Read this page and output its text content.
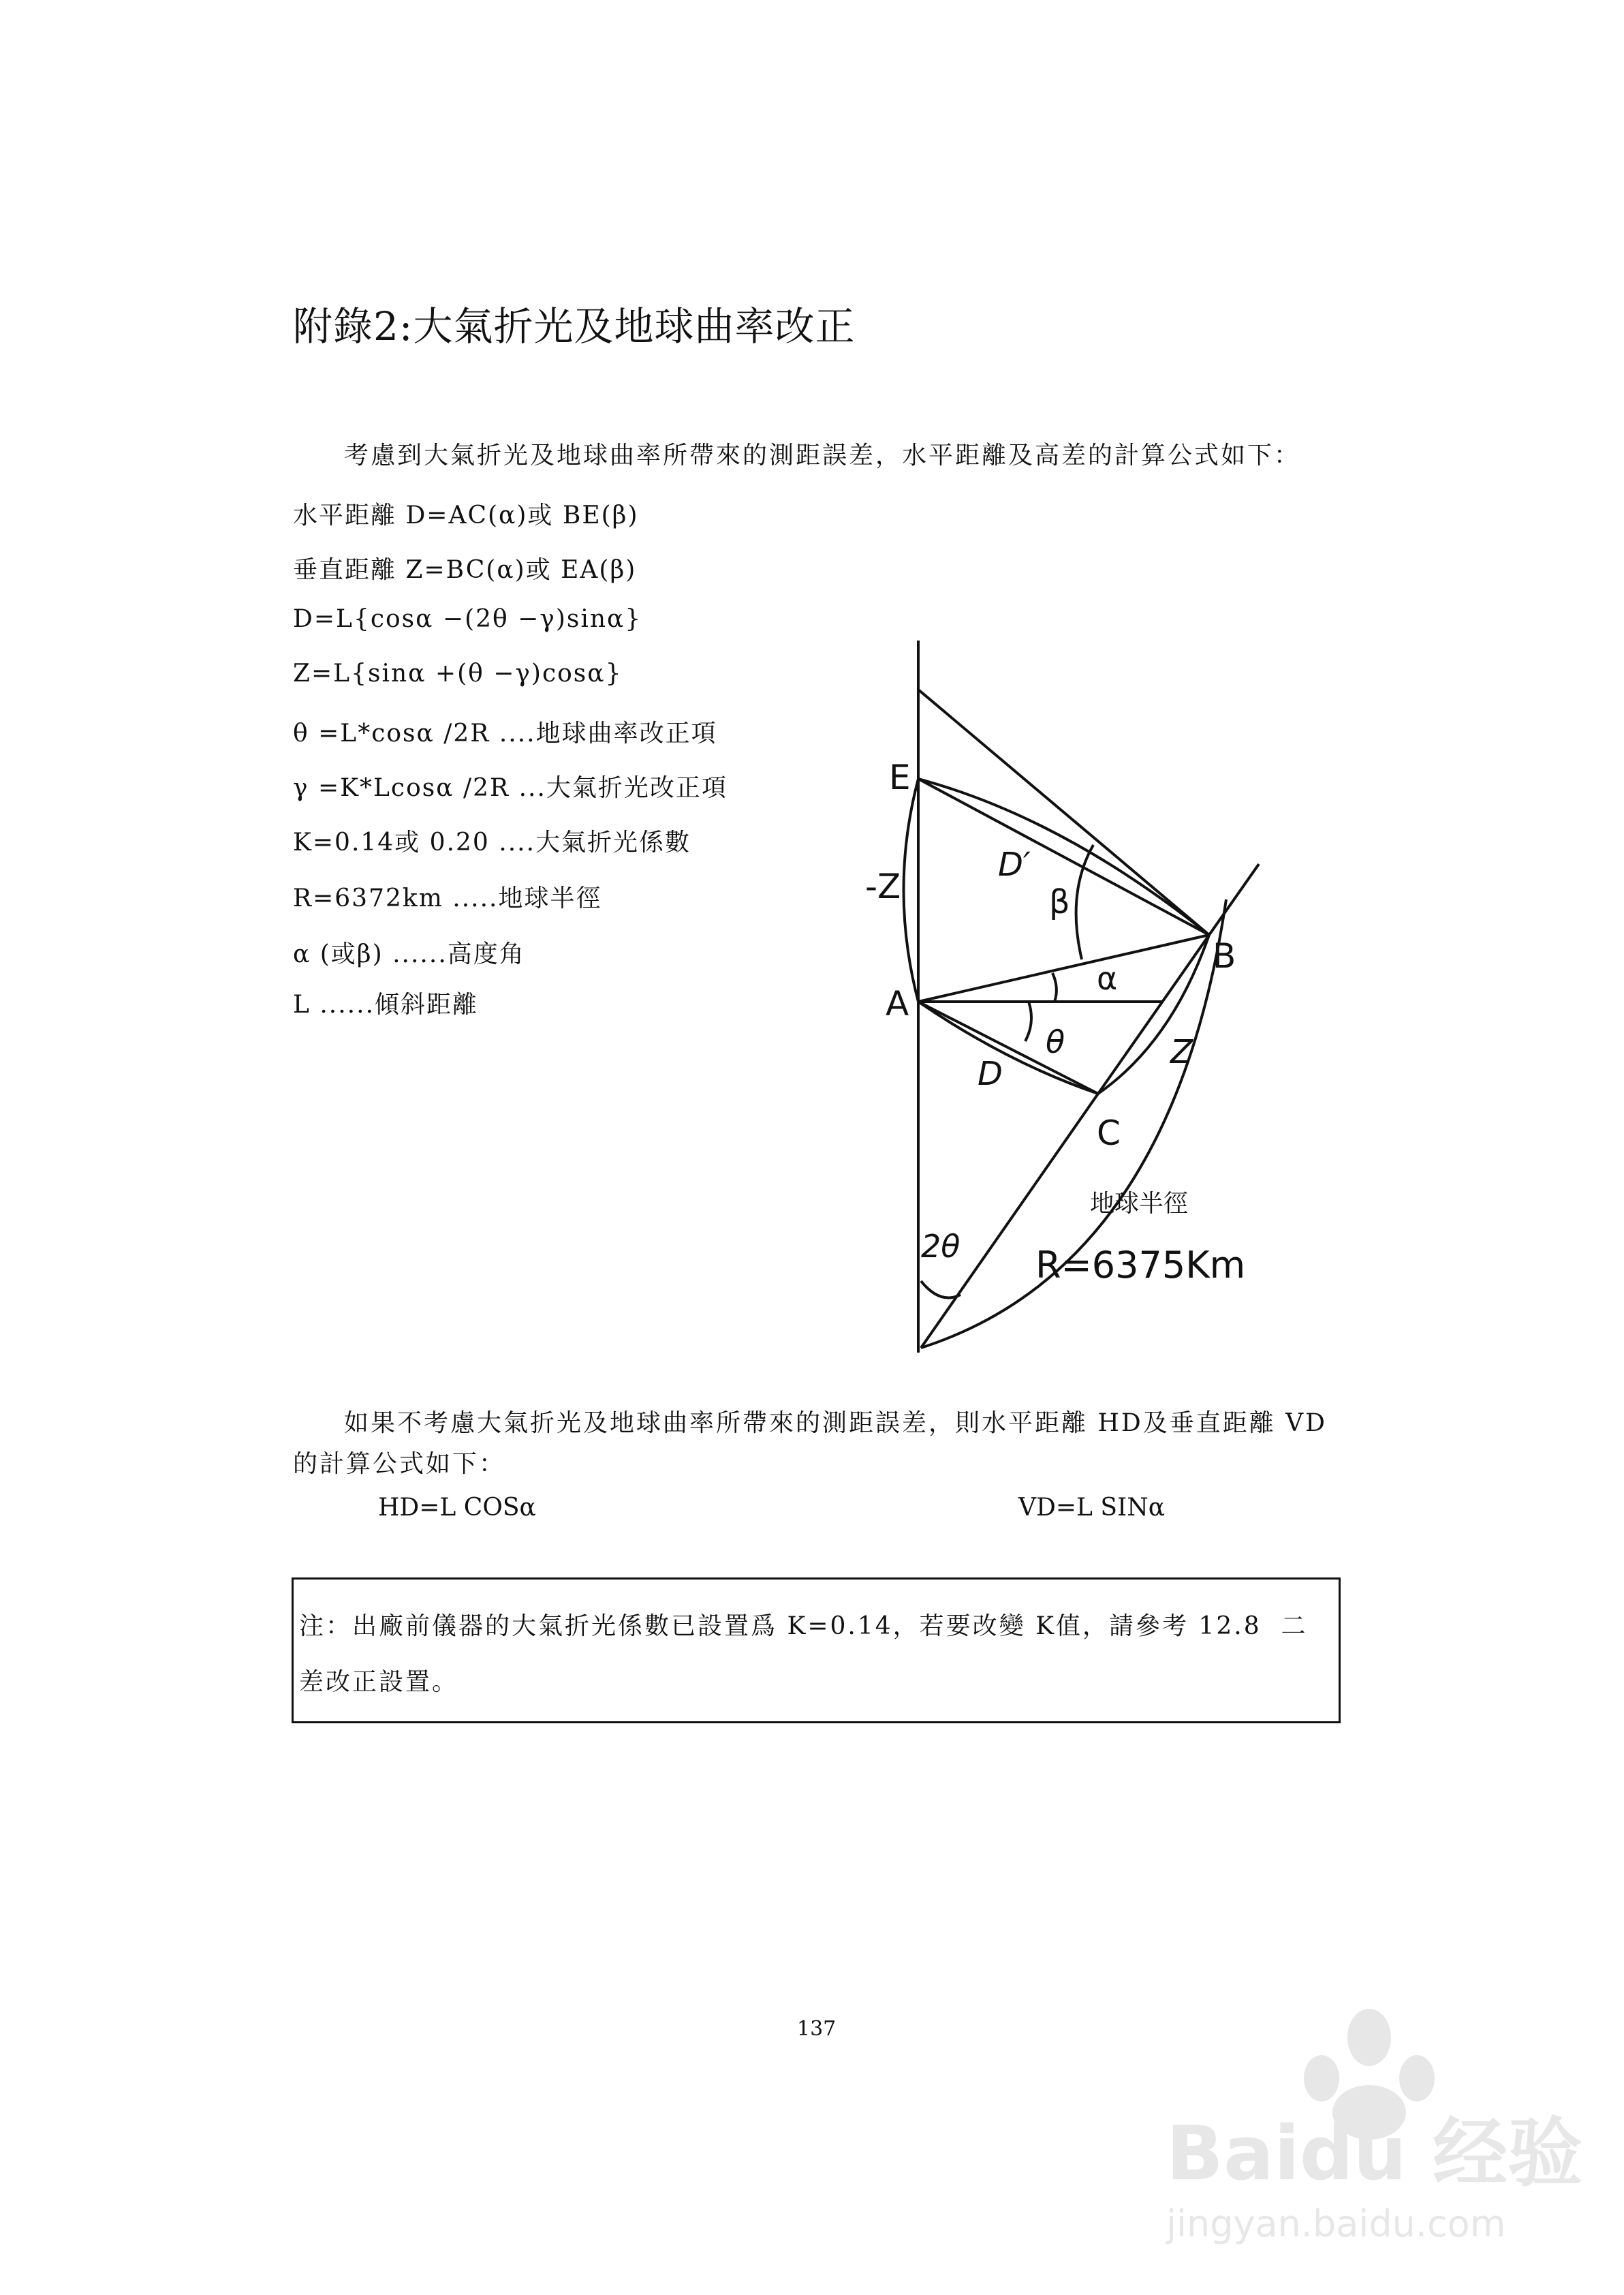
附錄2:大氣折光及地球曲率改正
考慮到大氣折光及地球曲率所帶來的測距誤差，水平距離及高差的計算公式如下：
水平距離 D=AC(α)或 BE(β)
垂直距離 Z=BC(α)或 EA(β)
D=L{cosα −(2θ −γ)sinα}
Z=L{sinα +(θ −γ)cosα}
θ =L*cosα /2R ....地球曲率改正項
γ =K*Lcosα /2R ...大氣折光改正項
K=0.14或 0.20 ....大氣折光係數
R=6372km .....地球半徑
α (或β) ......高度角
L ......傾斜距離
E
A
B
C
-Z
D′
β
α
θ
D
Z
2θ
地球半徑
R=6375Km
Baidu 经验
jingyan.baidu.com
如果不考慮大氣折光及地球曲率所帶來的測距誤差，則水平距離 HD及垂直距離 VD
的計算公式如下：
HD=L COSα	VD=L SINα
注：出廠前儀器的大氣折光係數已設置爲 K=0.14，若要改變 K值，請參考 12.8  二
差改正設置。
137
